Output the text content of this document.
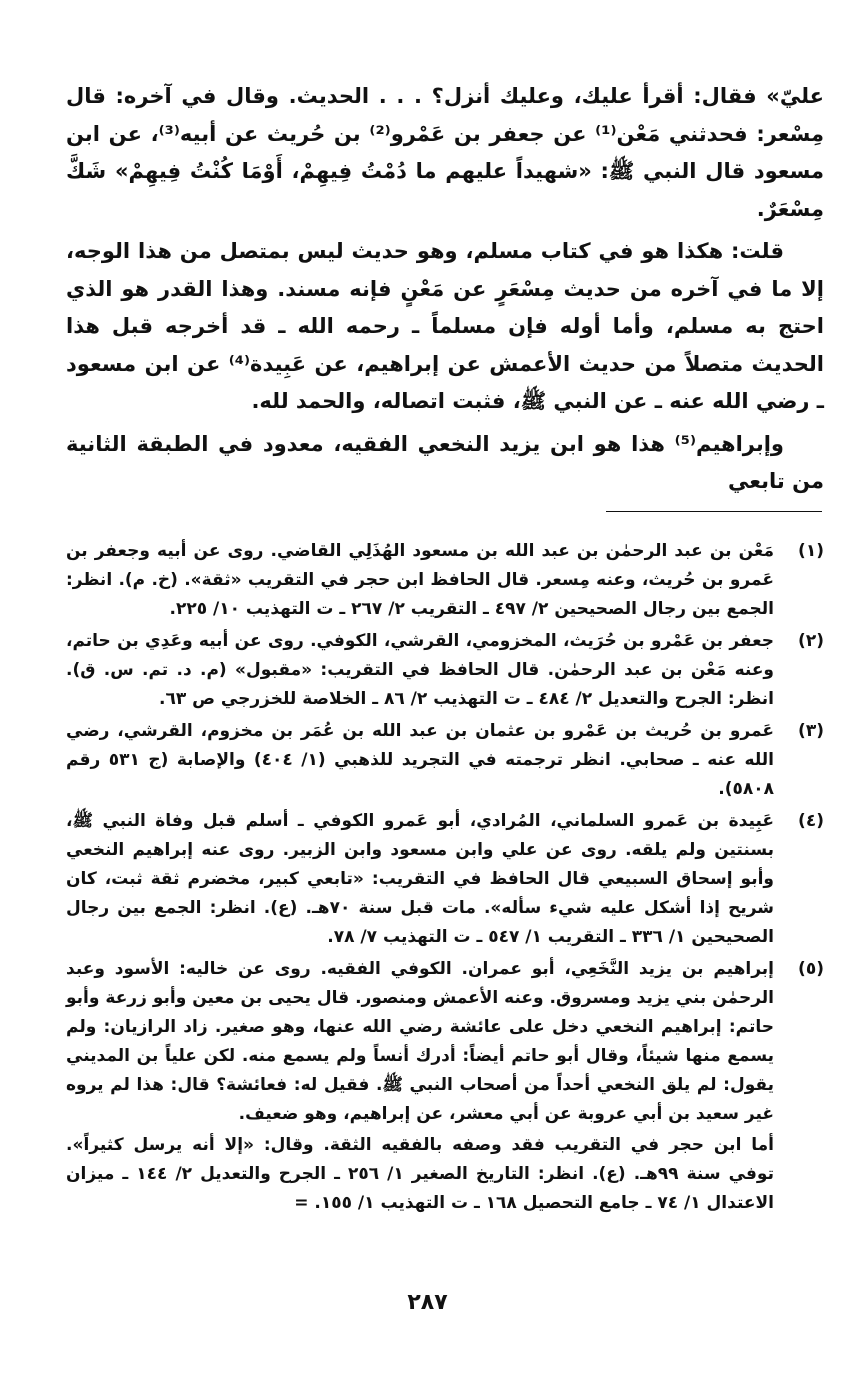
عليّ» فقال: أقرأ عليك، وعليك أنزل؟ . . . الحديث. وقال في آخره: قال مِسْعر: فحدثني مَعْن⁽¹⁾ عن جعفر بن عَمْرو⁽²⁾ بن حُريث عن أبيه⁽³⁾، عن ابن مسعود قال النبي ﷺ: «شهيداً عليهم ما دُمْتُ فِيهِمْ، أَوْمَا كُنْتُ فِيهِمْ» شَكَّ مِسْعَرٌ.

قلت: هكذا هو في كتاب مسلم، وهو حديث ليس بمتصل من هذا الوجه، إلا ما في آخره من حديث مِسْعَرٍ عن مَعْنٍ فإنه مسند. وهذا القدر هو الذي احتج به مسلم، وأما أوله فإن مسلماً ـ رحمه الله ـ قد أخرجه قبل هذا الحديث متصلاً من حديث الأعمش عن إبراهيم، عن عَبِيدة⁽⁴⁾ عن ابن مسعود ـ رضي الله عنه ـ عن النبي ﷺ، فثبت اتصاله، والحمد لله.

وإبراهيم⁽⁵⁾ هذا هو ابن يزيد النخعي الفقيه، معدود في الطبقة الثانية من تابعي

(١)

مَعْن بن عبد الرحمٰن بن عبد الله بن مسعود الهُذَلِي القاضي. روى عن أبيه وجعفر بن عَمرو بن حُريث، وعنه مِسعر. قال الحافظ ابن حجر في التقريب «ثقة». (خ. م). انظر: الجمع بين رجال الصحيحين ٢/ ٤٩٧ ـ التقريب ٢/ ٢٦٧ ـ ت التهذيب ١٠/ ٢٢٥.

(٢)

جعفر بن عَمْرو بن حُرَيث، المخزومي، القرشي، الكوفي. روى عن أبيه وعَدِي بن حاتم، وعنه مَعْن بن عبد الرحمٰن. قال الحافظ في التقريب: «مقبول» (م. د. تم. س. ق). انظر: الجرح والتعديل ٢/ ٤٨٤ ـ ت التهذيب ٢/ ٨٦ ـ الخلاصة للخزرجي ص ٦٣.

(٣)

عَمرو بن حُريث بن عَمْرو بن عثمان بن عبد الله بن عُمَر بن مخزوم، القرشي، رضي الله عنه ـ صحابي. انظر ترجمته في التجريد للذهبي (١/ ٤٠٤) والإصابة (ج ٥٣١ رقم ٥٨٠٨).

(٤)

عَبِيدة بن عَمرو السلماني، المُرادي، أبو عَمرو الكوفي ـ أسلم قبل وفاة النبي ﷺ، بسنتين ولم يلقه. روى عن علي وابن مسعود وابن الزبير. روى عنه إبراهيم النخعي وأبو إسحاق السبيعي قال الحافظ في التقريب: «تابعي كبير، مخضرم ثقة ثبت، كان شريح إذا أشكل عليه شيء سأله». مات قبل سنة ٧٠هـ. (ع). انظر: الجمع بين رجال الصحيحين ١/ ٣٣٦ ـ التقريب ١/ ٥٤٧ ـ ت التهذيب ٧/ ٧٨.

(٥)

إبراهيم بن يزيد النَّخَعِي، أبو عمران. الكوفي الفقيه. روى عن خاليه: الأسود وعبد الرحمٰن بني يزيد ومسروق. وعنه الأعمش ومنصور. قال يحيى بن معين وأبو زرعة وأبو حاتم: إبراهيم النخعي دخل على عائشة رضي الله عنها، وهو صغير. زاد الرازيان: ولم يسمع منها شيئاً، وقال أبو حاتم أيضاً: أدرك أنساً ولم يسمع منه. لكن علياً بن المديني يقول: لم يلق النخعي أحداً من أصحاب النبي ﷺ. فقيل له: فعائشة؟ قال: هذا لم يروه غير سعيد بن أبي عروبة عن أبي معشر، عن إبراهيم، وهو ضعيف.

أما ابن حجر في التقريب فقد وصفه بالفقيه الثقة. وقال: «إلا أنه يرسل كثيراً». توفي سنة ٩٩هـ. (ع). انظر: التاريخ الصغير ١/ ٢٥٦ ـ الجرح والتعديل ٢/ ١٤٤ ـ ميزان الاعتدال ١/ ٧٤ ـ جامع التحصيل ١٦٨ ـ ت التهذيب ١/ ١٥٥. =

٢٨٧
